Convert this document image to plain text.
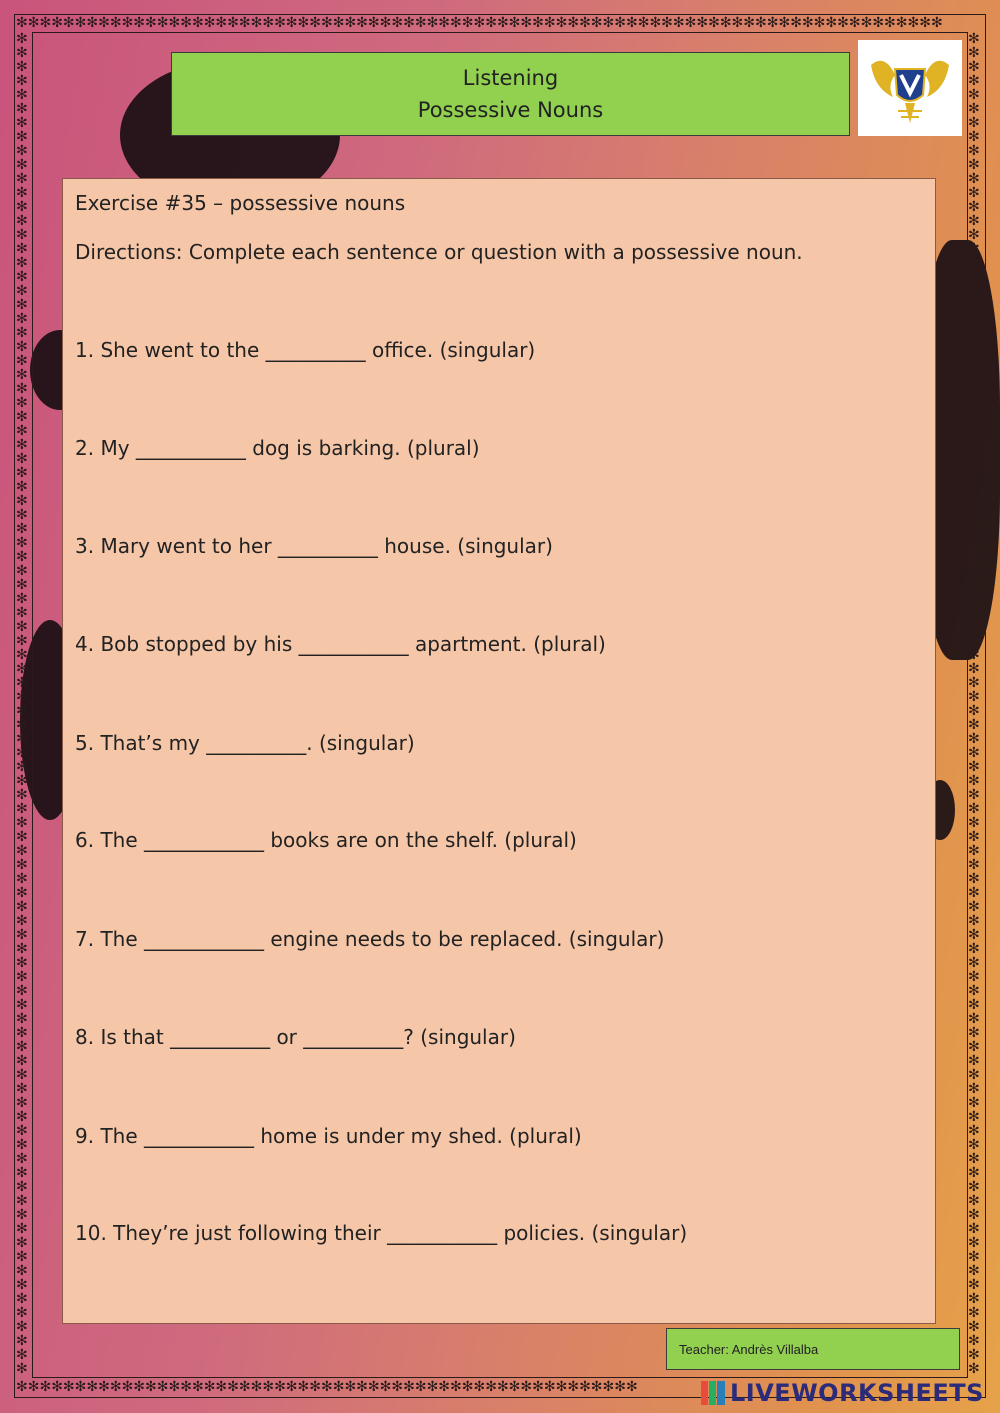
✻✻✻✻✻✻✻✻✻✻✻✻✻✻✻✻✻✻✻✻✻✻✻✻✻✻✻✻✻✻✻✻✻✻✻✻✻✻✻✻✻✻✻✻✻✻✻✻✻✻✻✻✻✻✻✻✻✻✻✻✻✻✻✻✻✻✻✻✻✻✻✻✻✻✻✻✻✻✻
✻✻✻✻✻✻✻✻✻✻✻✻✻✻✻✻✻✻✻✻✻✻✻✻✻✻✻✻✻✻✻✻✻✻✻✻✻✻✻✻✻✻✻✻✻✻✻✻✻✻✻✻✻
✻✻✻✻✻✻✻✻✻✻✻✻✻✻✻✻✻✻✻✻✻✻✻✻✻✻✻✻✻✻✻✻✻✻✻✻✻✻✻✻✻✻✻✻✻✻✻✻✻✻✻✻✻✻✻✻✻✻✻✻✻✻✻✻✻✻✻✻✻✻✻✻✻✻✻✻✻✻✻✻✻✻✻✻✻✻✻✻✻✻✻✻✻✻✻✻
✻✻✻✻✻✻✻✻✻✻✻✻✻✻✻✻✻✻✻✻✻✻✻✻✻✻✻✻✻✻✻✻✻✻✻✻✻✻✻✻✻✻✻✻✻✻✻✻✻✻✻✻✻✻✻✻✻✻✻✻✻✻✻✻✻✻✻✻✻✻✻✻✻✻✻✻✻✻✻✻✻✻✻✻✻✻✻✻✻✻✻✻✻✻✻✻
Listening
Possessive Nouns
Exercise #35 – possessive nouns
Directions: Complete each sentence or question with a possessive noun.
1. She went to the __________ office. (singular)
2. My ___________ dog is barking. (plural)
3. Mary went to her __________ house. (singular)
4. Bob stopped by his ___________ apartment. (plural)
5. That’s my __________. (singular)
6. The ____________ books are on the shelf. (plural)
7. The ____________ engine needs to be replaced. (singular)
8. Is that __________ or __________? (singular)
9. The ___________ home is under my shed. (plural)
10. They’re just following their ___________ policies. (singular)
Teacher: Andrès Villalba
LIVEWORKSHEETS
